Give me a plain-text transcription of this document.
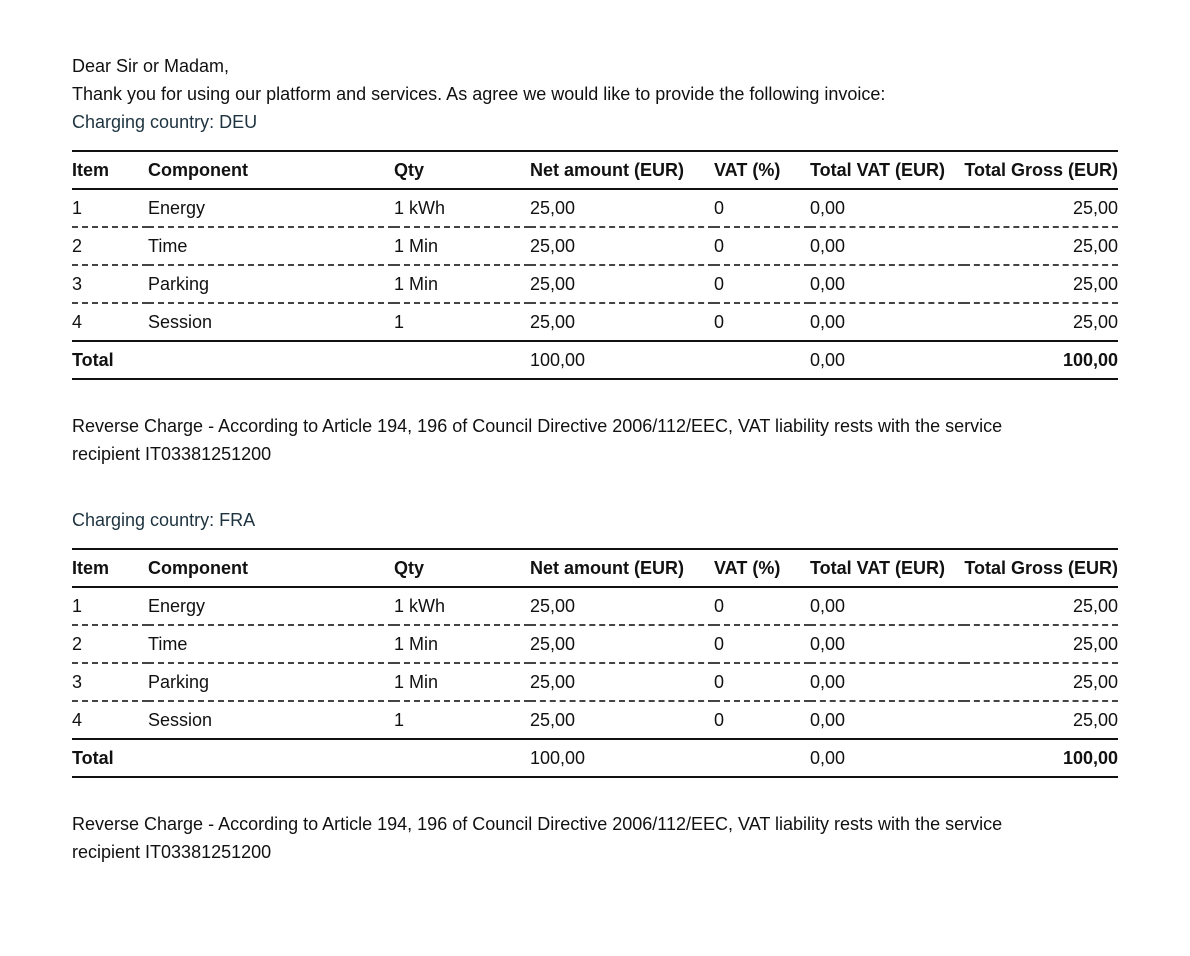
Dear Sir or Madam,

Thank you for using our platform and services. As agree we would like to provide the following invoice:

Charging country: DEU

Item	Component	Qty	Net amount (EUR)	VAT (%)	Total VAT (EUR)	Total Gross (EUR)
1	Energy	1 kWh	25,00	0	0,00	25,00
2	Time	1 Min	25,00	0	0,00	25,00
3	Parking	1 Min	25,00	0	0,00	25,00
4	Session	1	25,00	0	0,00	25,00
Total			100,00		0,00	100,00

Reverse Charge - According to Article 194, 196 of Council Directive 2006/112/EEC, VAT liability rests with the service recipient IT03381251200

Charging country: FRA

Item	Component	Qty	Net amount (EUR)	VAT (%)	Total VAT (EUR)	Total Gross (EUR)
1	Energy	1 kWh	25,00	0	0,00	25,00
2	Time	1 Min	25,00	0	0,00	25,00
3	Parking	1 Min	25,00	0	0,00	25,00
4	Session	1	25,00	0	0,00	25,00
Total			100,00		0,00	100,00

Reverse Charge - According to Article 194, 196 of Council Directive 2006/112/EEC, VAT liability rests with the service recipient IT03381251200
